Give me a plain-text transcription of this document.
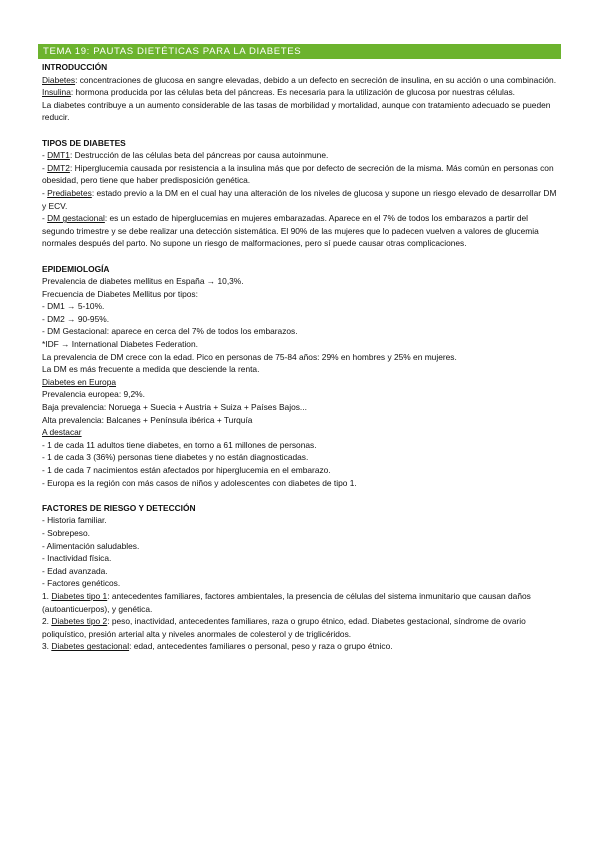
TEMA 19: PAUTAS DIETÉTICAS PARA LA DIABETES

INTRODUCCIÓN

Diabetes: concentraciones de glucosa en sangre elevadas, debido a un defecto en secreción de insulina, en su acción o una combinación.

Insulina: hormona producida por las células beta del páncreas. Es necesaria para la utilización de glucosa por nuestras células.

La diabetes contribuye a un aumento considerable de las tasas de morbilidad y mortalidad, aunque con tratamiento adecuado se pueden reducir.

TIPOS DE DIABETES

- DMT1: Destrucción de las células beta del páncreas por causa autoinmune.

- DMT2: Hiperglucemia causada por resistencia a la insulina más que por defecto de secreción de la misma. Más común en personas con obesidad, pero tiene que haber predisposición genética.

- Prediabetes: estado previo a la DM en el cual hay una alteración de los niveles de glucosa y supone un riesgo elevado de desarrollar DM y ECV.

- DM gestacional: es un estado de hiperglucemias en mujeres embarazadas. Aparece en el 7% de todos los embarazos a partir del segundo trimestre y se debe realizar una detección sistemática. El 90% de las mujeres que lo padecen vuelven a valores de glucemia normales después del parto. No supone un riesgo de malformaciones, pero sí puede causar otras complicaciones.

EPIDEMIOLOGÍA

Prevalencia de diabetes mellitus en España → 10,3%.

Frecuencia de Diabetes Mellitus por tipos:

- DM1 → 5-10%.

- DM2 → 90-95%.

- DM Gestacional: aparece en cerca del 7% de todos los embarazos.

*IDF → International Diabetes Federation.

La prevalencia de DM crece con la edad. Pico en personas de 75-84 años: 29% en hombres y 25% en mujeres.

La DM es más frecuente a medida que desciende la renta.

Diabetes en Europa

Prevalencia europea: 9,2%.

Baja prevalencia: Noruega + Suecia + Austria + Suiza + Países Bajos...

Alta prevalencia: Balcanes + Península ibérica + Turquía

A destacar

- 1 de cada 11 adultos tiene diabetes, en torno a 61 millones de personas.

- 1 de cada 3 (36%) personas tiene diabetes y no están diagnosticadas.

- 1 de cada 7 nacimientos están afectados por hiperglucemia en el embarazo.

- Europa es la región con más casos de niños y adolescentes con diabetes de tipo 1.

FACTORES DE RIESGO Y DETECCIÓN

- Historia familiar.

- Sobrepeso.

- Alimentación saludables.

- Inactividad física.

- Edad avanzada.

- Factores genéticos.

1. Diabetes tipo 1: antecedentes familiares, factores ambientales, la presencia de células del sistema inmunitario que causan daños (autoanticuerpos), y genética.

2. Diabetes tipo 2: peso, inactividad, antecedentes familiares, raza o grupo étnico, edad. Diabetes gestacional, síndrome de ovario poliquístico, presión arterial alta y niveles anormales de colesterol y de triglicéridos.

3. Diabetes gestacional: edad, antecedentes familiares o personal, peso y raza o grupo étnico.
